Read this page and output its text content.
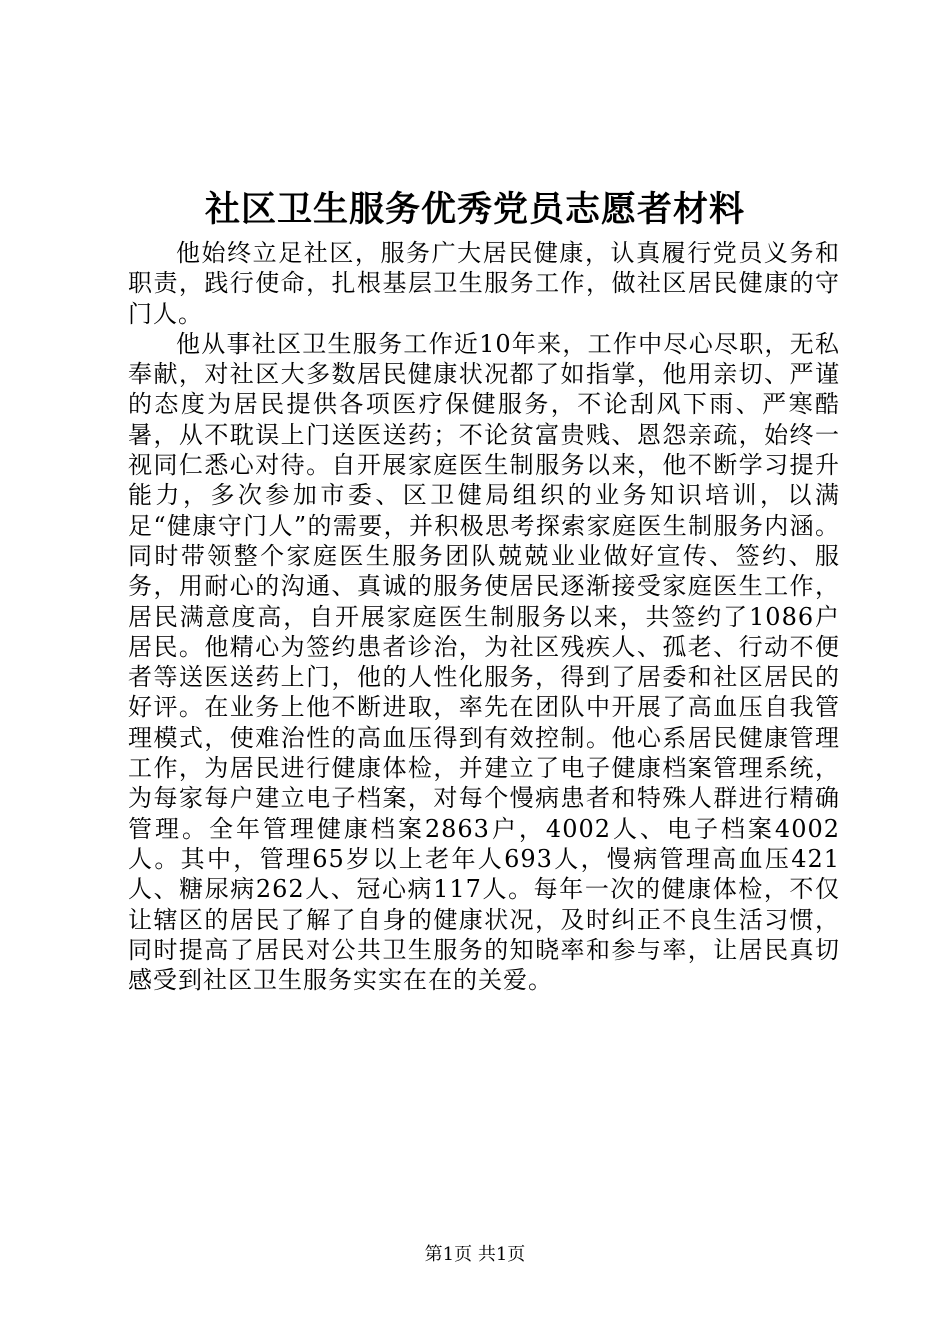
社区卫生服务优秀党员志愿者材料

他始终立足社区，服务广大居民健康，认真履行党员义务和职责，践行使命，扎根基层卫生服务工作，做社区居民健康的守门人。

他从事社区卫生服务工作近10年来，工作中尽心尽职，无私奉献，对社区大多数居民健康状况都了如指掌，他用亲切、严谨的态度为居民提供各项医疗保健服务，不论刮风下雨、严寒酷暑，从不耽误上门送医送药；不论贫富贵贱、恩怨亲疏，始终一视同仁悉心对待。自开展家庭医生制服务以来，他不断学习提升能力，多次参加市委、区卫健局组织的业务知识培训，以满足“健康守门人”的需要，并积极思考探索家庭医生制服务内涵。同时带领整个家庭医生服务团队兢兢业业做好宣传、签约、服务，用耐心的沟通、真诚的服务使居民逐渐接受家庭医生工作，居民满意度高，自开展家庭医生制服务以来，共签约了1086户居民。他精心为签约患者诊治，为社区残疾人、孤老、行动不便者等送医送药上门，他的人性化服务，得到了居委和社区居民的好评。在业务上他不断进取，率先在团队中开展了高血压自我管理模式，使难治性的高血压得到有效控制。他心系居民健康管理工作，为居民进行健康体检，并建立了电子健康档案管理系统，为每家每户建立电子档案，对每个慢病患者和特殊人群进行精确管理。全年管理健康档案2863户，4002人、电子档案4002人。其中，管理65岁以上老年人693人，慢病管理高血压421人、糖尿病262人、冠心病117人。每年一次的健康体检，不仅让辖区的居民了解了自身的健康状况，及时纠正不良生活习惯，同时提高了居民对公共卫生服务的知晓率和参与率，让居民真切感受到社区卫生服务实实在在的关爱。

第1页 共1页
